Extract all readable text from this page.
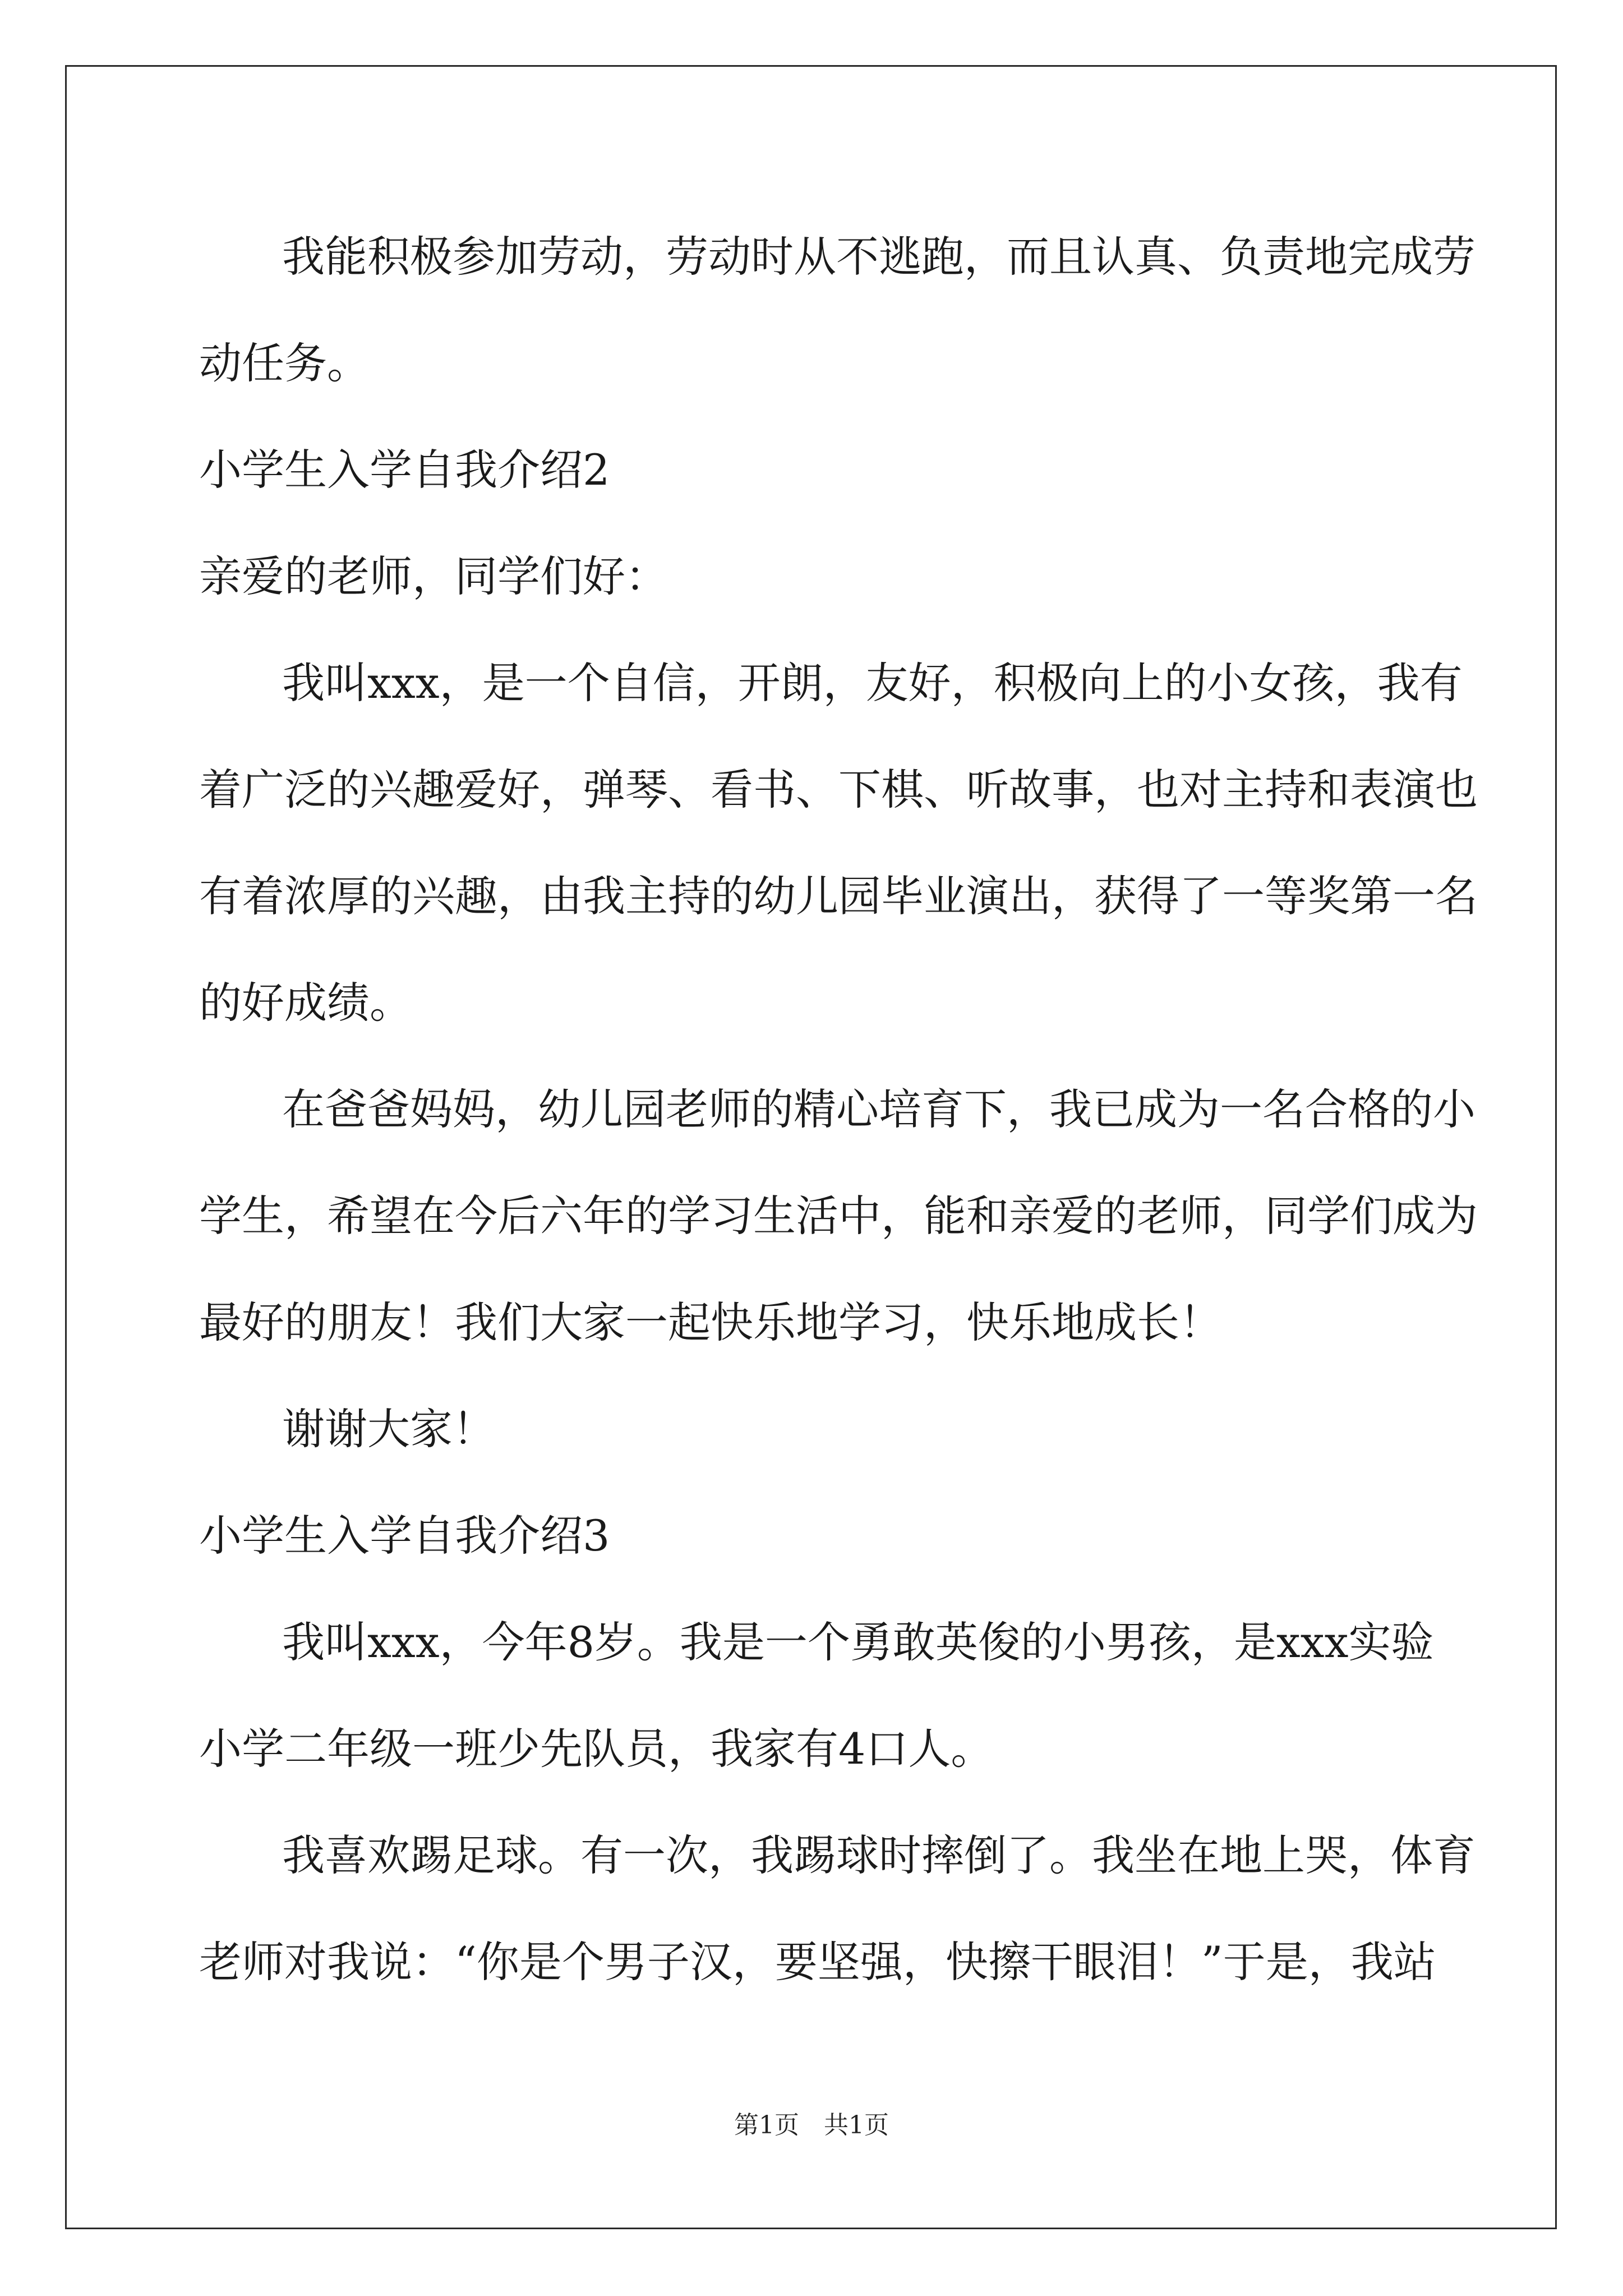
我能积极参加劳动，劳动时从不逃跑，而且认真、负责地完成劳
动任务。
小学生入学自我介绍2
亲爱的老师，同学们好：
我叫xxx，是一个自信，开朗，友好，积极向上的小女孩，我有
着广泛的兴趣爱好，弹琴、看书、下棋、听故事，也对主持和表演也
有着浓厚的兴趣，由我主持的幼儿园毕业演出，获得了一等奖第一名
的好成绩。
在爸爸妈妈，幼儿园老师的精心培育下，我已成为一名合格的小
学生，希望在今后六年的学习生活中，能和亲爱的老师，同学们成为
最好的朋友！我们大家一起快乐地学习，快乐地成长！
谢谢大家！
小学生入学自我介绍3
我叫xxx，今年8岁。我是一个勇敢英俊的小男孩，是xxx实验
小学二年级一班少先队员，我家有4口人。
我喜欢踢足球。有一次，我踢球时摔倒了。我坐在地上哭，体育
老师对我说：“你是个男子汉，要坚强，快擦干眼泪！”于是，我站
第1页　共1页
